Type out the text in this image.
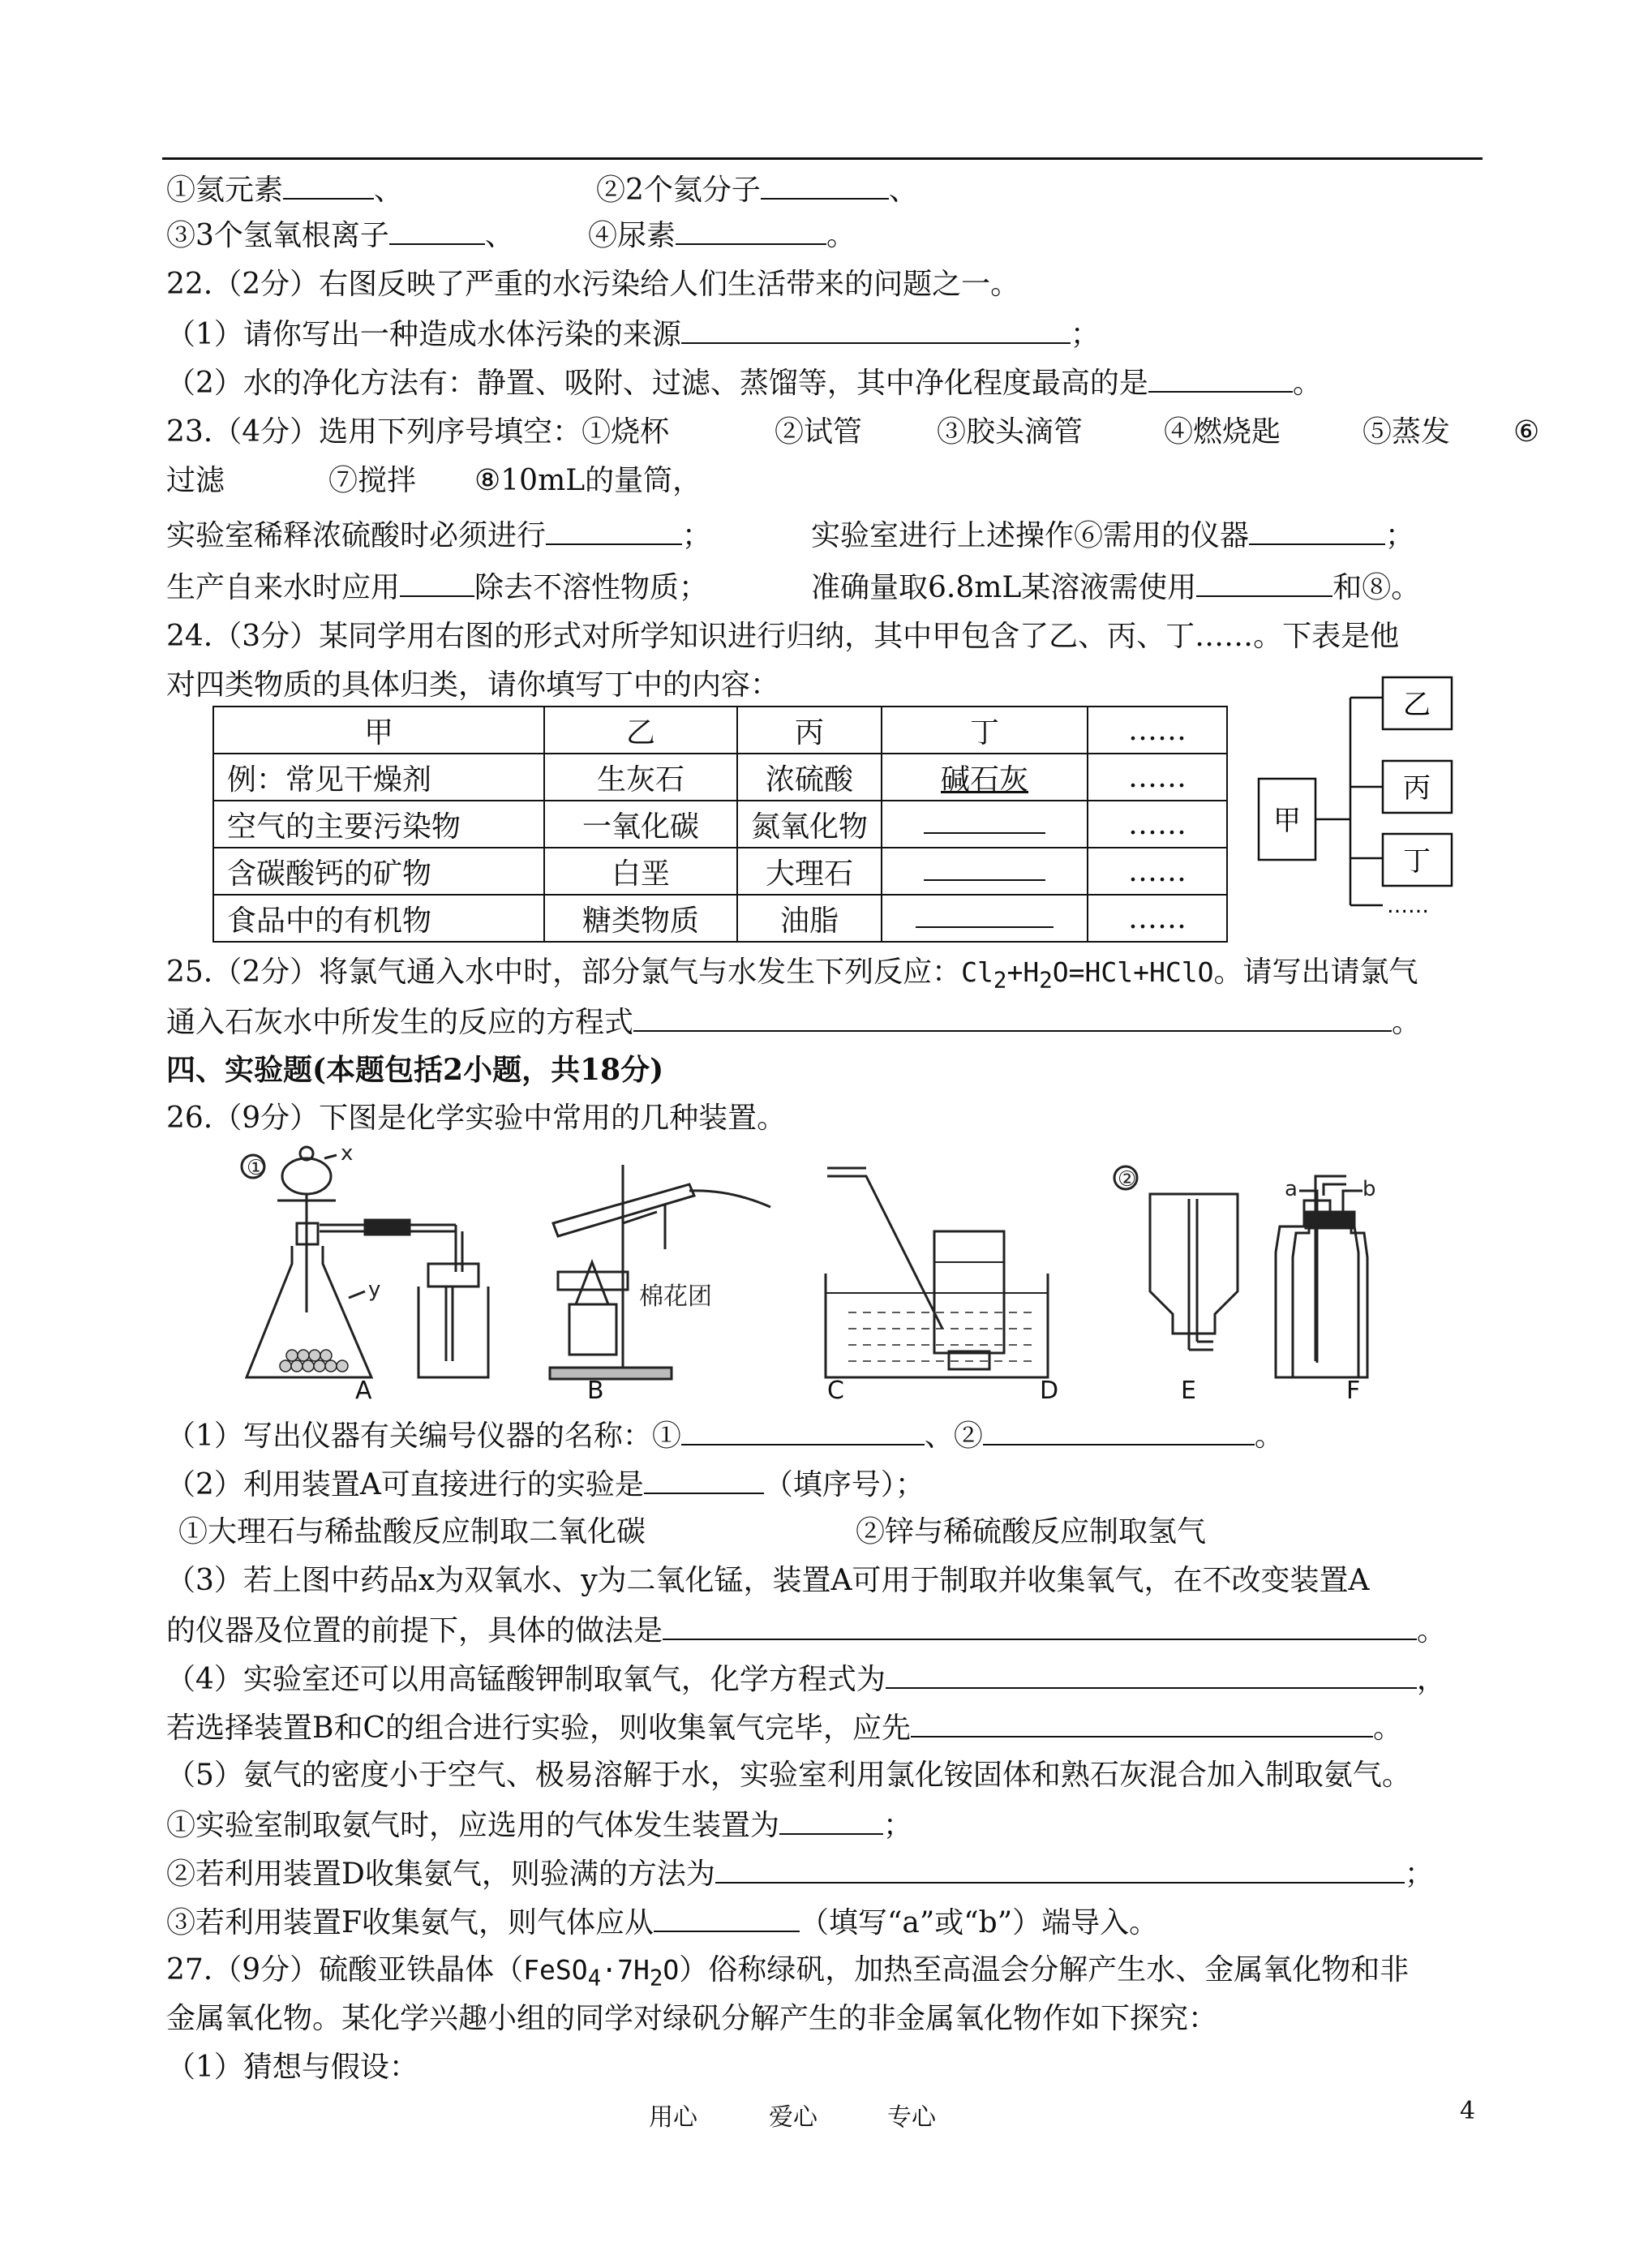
①氦元素	、	②2个氦分子	、
③3个氢氧根离子	、	④尿素	。
22.（2分）右图反映了严重的水污染给人们生活带来的问题之一。
（1）请你写出一种造成水体污染的来源	；
（2）水的净化方法有：静置、吸附、过滤、蒸馏等，其中净化程度最高的是	。
23.（4分）选用下列序号填空：①烧杯	②试管	③胶头滴管	④燃烧匙	⑤蒸发 ⑥
过滤	⑦搅拌 ⑧10mL的量筒，
实验室稀释浓硫酸时必须进行	；	实验室进行上述操作⑥需用的仪器	；
生产自来水时应用	除去不溶性物质；	准确量取6.8mL某溶液需使用	和⑧。
24.（3分）某同学用右图的形式对所学知识进行归纳，其中甲包含了乙、丙、丁……。下表是他
对四类物质的具体归类，请你填写丁中的内容：
甲	乙	丙	丁	……
例：常见干燥剂	生灰石	浓硫酸	碱石灰	……
空气的主要污染物	一氧化碳	氮氧化物		……
含碳酸钙的矿物	白垩	大理石		……
食品中的有机物	糖类物质	油脂		……
甲
乙
丙
丁
……
25.（2分）将氯气通入水中时，部分氯气与水发生下列反应：$Cl_2+H_2O=HCl+HClO$。请写出请氯气
通入石灰水中所发生的反应的方程式	。
四、实验题(本题包括2小题，共18分)
26.（9分）下图是化学实验中常用的几种装置。
①
x
y	棉花团
②	a	b
A	B	C	D	E	F
（1）写出仪器有关编号仪器的名称：①	、②	。
（2）利用装置A可直接进行的实验是	（填序号）；
①大理石与稀盐酸反应制取二氧化碳	②锌与稀硫酸反应制取氢气
（3）若上图中药品x为双氧水、y为二氧化锰，装置A可用于制取并收集氧气，在不改变装置A
的仪器及位置的前提下，具体的做法是	。
（4）实验室还可以用高锰酸钾制取氧气，化学方程式为	，
若选择装置B和C的组合进行实验，则收集氧气完毕，应先	。
（5）氨气的密度小于空气、极易溶解于水，实验室利用氯化铵固体和熟石灰混合加入制取氨气。
①实验室制取氨气时，应选用的气体发生装置为	；
②若利用装置D收集氨气，则验满的方法为	；
③若利用装置F收集氨气，则气体应从	（填写“a”或“b”）端导入。
27.（9分）硫酸亚铁晶体$(FeSO_4\cdot 7H_2O)$俗称绿矾，加热至高温会分解产生水、金属氧化物和非
金属氧化物。某化学兴趣小组的同学对绿矾分解产生的非金属氧化物作如下探究：
（1）猜想与假设：
用心	爱心	专心	4
